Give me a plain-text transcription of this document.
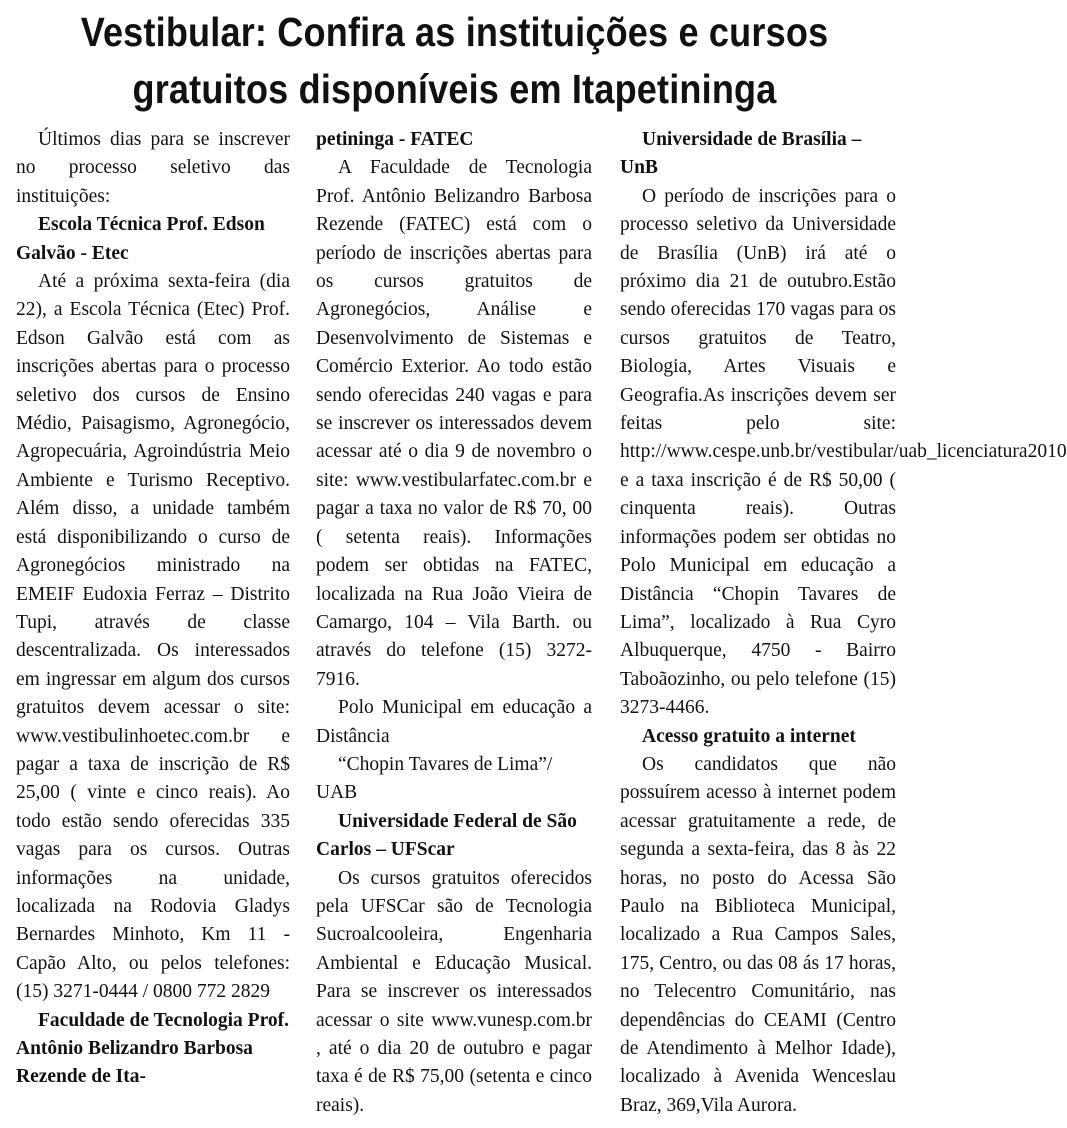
Vestibular: Confira as instituições e cursos gratuitos disponíveis em Itapetininga

Últimos dias para se inscrever no processo seletivo das instituições:

Escola Técnica Prof. Edson Galvão - Etec

Até a próxima sexta-feira (dia 22), a Escola Técnica (Etec) Prof. Edson Galvão está com as inscrições abertas para o processo seletivo dos cursos de Ensino Médio, Paisagismo, Agronegócio, Agropecuária, Agroindústria Meio Ambiente e Turismo Receptivo. Além disso, a unidade também está disponibilizando o curso de Agronegócios ministrado na EMEIF Eudoxia Ferraz – Distrito Tupi, através de classe descentralizada. Os interessados em ingressar em algum dos cursos gratuitos devem acessar o site: www.vestibulinhoetec.com.br e pagar a taxa de inscrição de R$ 25,00 ( vinte e cinco reais). Ao todo estão sendo oferecidas 335 vagas para os cursos. Outras informações na unidade, localizada na Rodovia Gladys Bernardes Minhoto, Km 11 - Capão Alto, ou pelos telefones: (15) 3271-0444 / 0800 772 2829

Faculdade de Tecnologia Prof. Antônio Belizandro Barbosa Rezende de Ita-
petininga - FATEC

A Faculdade de Tecnologia Prof. Antônio Belizandro Barbosa Rezende (FATEC) está com o período de inscrições abertas para os cursos gratuitos de Agronegócios, Análise e Desenvolvimento de Sistemas e Comércio Exterior. Ao todo estão sendo oferecidas 240 vagas e para se inscrever os interessados devem acessar até o dia 9 de novembro o site: www.vestibularfatec.com.br e pagar a taxa no valor de R$ 70, 00 ( setenta reais). Informações podem ser obtidas na FATEC, localizada na Rua João Vieira de Camargo, 104 – Vila Barth. ou através do telefone (15) 3272-7916.

Polo Municipal em educação a Distância

“Chopin Tavares de Lima”/

UAB

Universidade Federal de São Carlos – UFScar

Os cursos gratuitos oferecidos pela UFSCar são de Tecnologia Sucroalcooleira, Engenharia Ambiental e Educação Musical. Para se inscrever os interessados acessar o site www.vunesp.com.br , até o dia 20 de outubro e pagar taxa é de R$ 75,00 (setenta e cinco reais).

Universidade de Brasília – UnB

O período de inscrições para o processo seletivo da Universidade de Brasília (UnB) irá até o próximo dia 21 de outubro.Estão sendo oferecidas 170 vagas para os cursos gratuitos de Teatro, Biologia, Artes Visuais e Geografia.As inscrições devem ser feitas pelo site: http://www.cespe.unb.br/vestibular/uab_licenciatura2010 e a taxa inscrição é de R$ 50,00 ( cinquenta reais). Outras informações podem ser obtidas no Polo Municipal em educação a Distância “Chopin Tavares de Lima”, localizado à Rua Cyro Albuquerque, 4750 - Bairro Taboãozinho, ou pelo telefone (15) 3273-4466.

Acesso gratuito a internet

Os candidatos que não possuírem acesso à internet podem acessar gratuitamente a rede, de segunda a sexta-feira, das 8 às 22 horas, no posto do Acessa São Paulo na Biblioteca Municipal, localizado a Rua Campos Sales, 175, Centro, ou das 08 ás 17 horas, no Telecentro Comunitário, nas dependências do CEAMI (Centro de Atendimento à Melhor Idade), localizado à Avenida Wenceslau Braz, 369,Vila Aurora.
